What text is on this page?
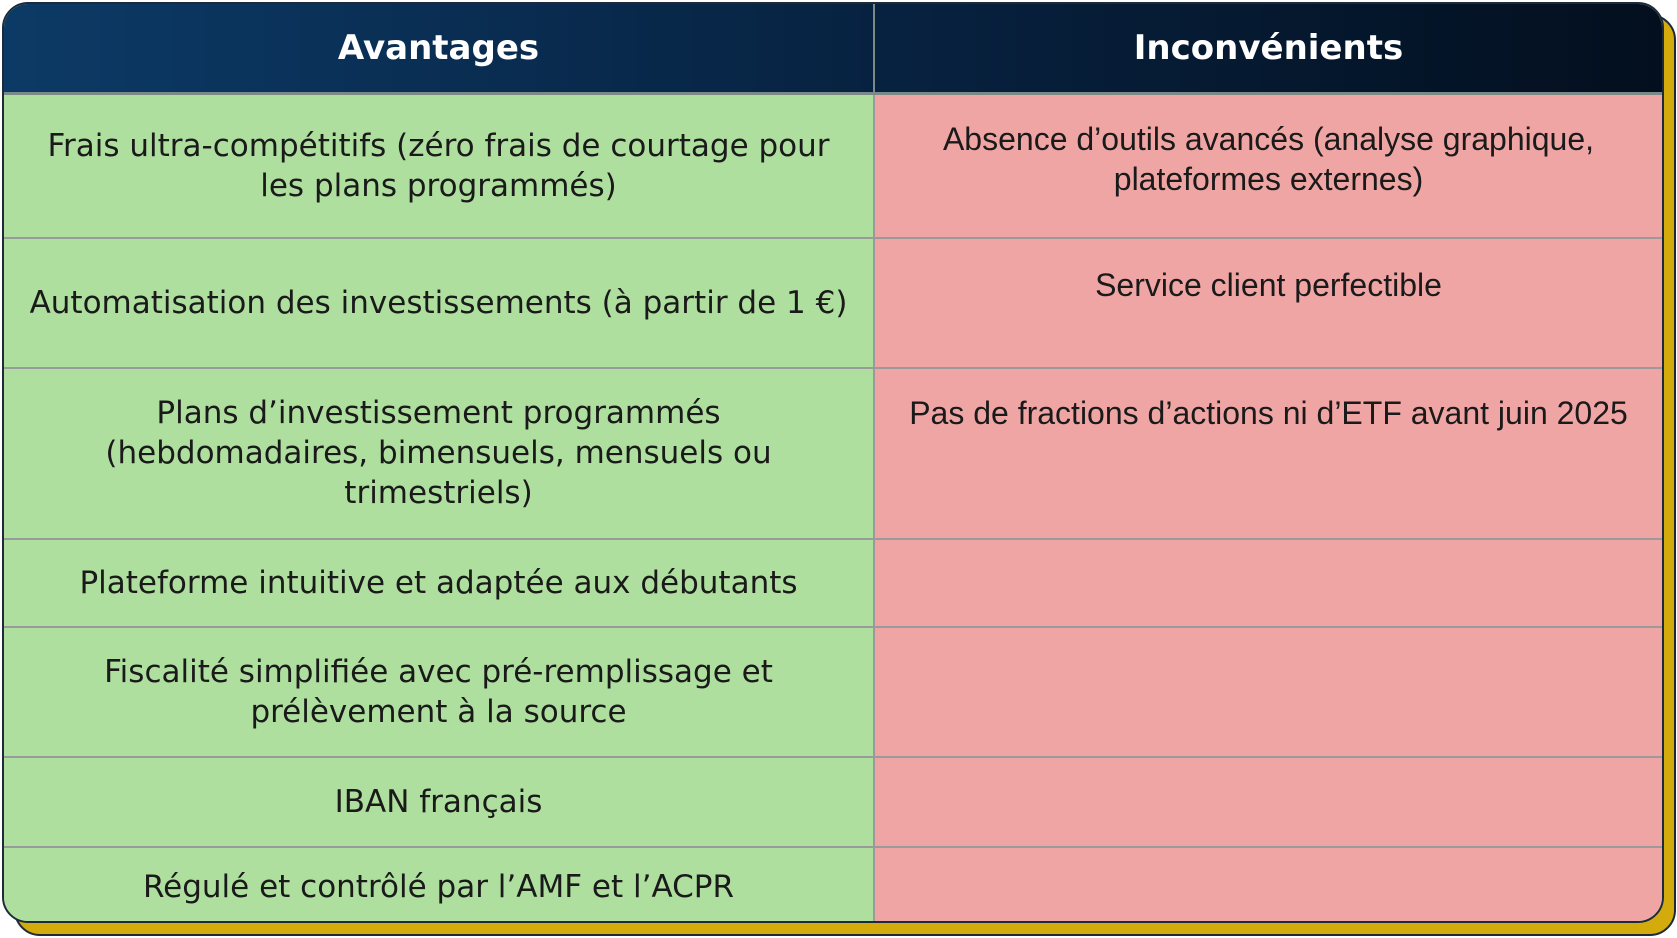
Avantages	Inconvénients
Frais ultra-compétitifs (zéro frais de courtage pour les plans programmés)	Absence d’outils avancés (analyse graphique, plateformes externes)
Automatisation des investissements (à partir de 1 €)	Service client perfectible
Plans d’investissement programmés (hebdomadaires, bimensuels, mensuels ou trimestriels)	Pas de fractions d’actions ni d’ETF avant juin 2025
Plateforme intuitive et adaptée aux débutants	
Fiscalité simplifiée avec pré-remplissage et prélèvement à la source	
IBAN français	
Régulé et contrôlé par l’AMF et l’ACPR	
